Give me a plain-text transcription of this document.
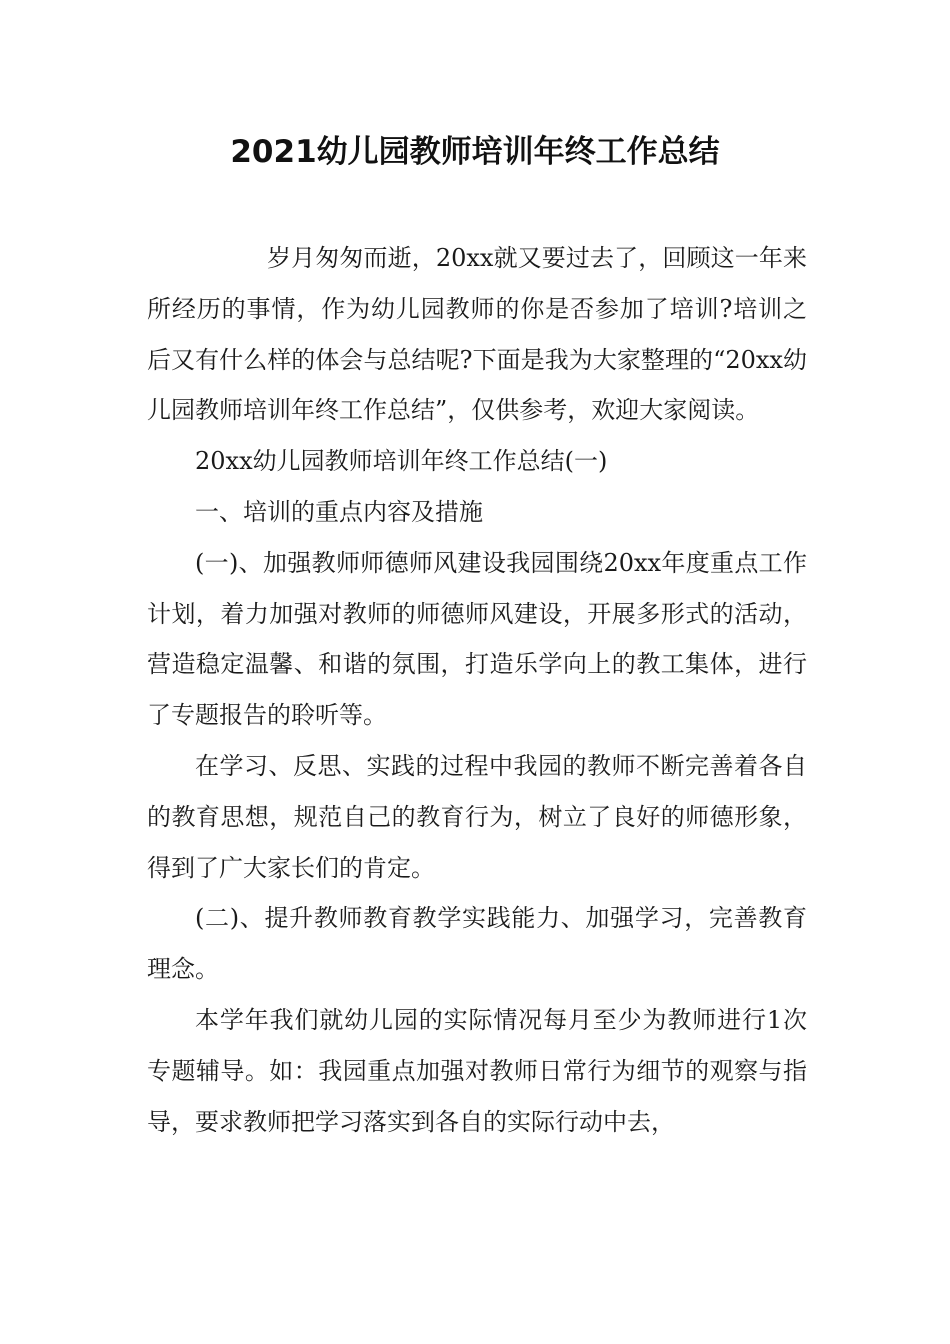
2021幼儿园教师培训年终工作总结

岁月匆匆而逝，20xx就又要过去了，回顾这一年来所经历的事情，作为幼儿园教师的你是否参加了培训?培训之后又有什么样的体会与总结呢?下面是我为大家整理的“20xx幼儿园教师培训年终工作总结”，仅供参考，欢迎大家阅读。

20xx幼儿园教师培训年终工作总结(一)

一、培训的重点内容及措施

(一)、加强教师师德师风建设我园围绕20xx年度重点工作计划，着力加强对教师的师德师风建设，开展多形式的活动，营造稳定温馨、和谐的氛围，打造乐学向上的教工集体，进行了专题报告的聆听等。

在学习、反思、实践的过程中我园的教师不断完善着各自的教育思想，规范自己的教育行为，树立了良好的师德形象，得到了广大家长们的肯定。

(二)、提升教师教育教学实践能力、加强学习，完善教育理念。

本学年我们就幼儿园的实际情况每月至少为教师进行1次专题辅导。如：我园重点加强对教师日常行为细节的观察与指导，要求教师把学习落实到各自的实际行动中去，
